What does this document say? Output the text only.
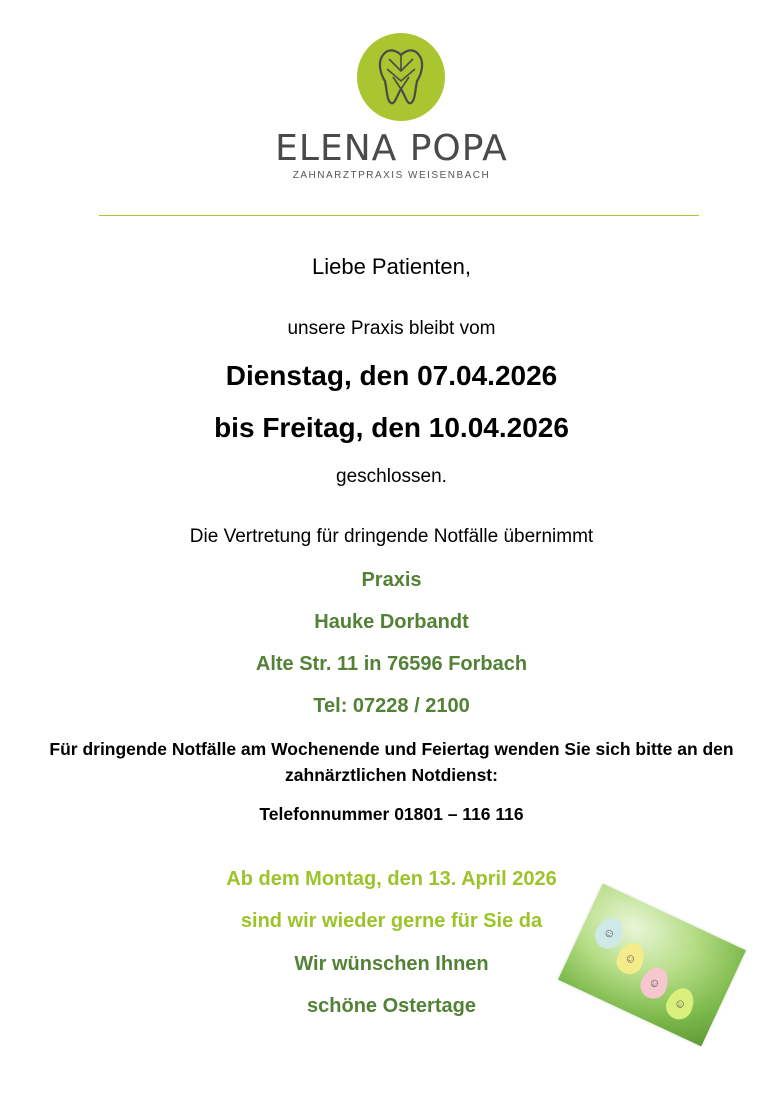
ELENA POPA
ZAHNARZTPRAXIS WEISENBACH
Liebe Patienten,
unsere Praxis bleibt vom
Dienstag, den 07.04.2026
bis Freitag, den 10.04.2026
geschlossen.
Die Vertretung für dringende Notfälle übernimmt
Praxis
Hauke Dorbandt
Alte Str. 11 in 76596 Forbach
Tel: 07228 / 2100
Für dringende Notfälle am Wochenende und Feiertag wenden Sie sich bitte an den zahnärztlichen Notdienst:
Telefonnummer 01801 – 116 116
Ab dem Montag, den 13. April 2026
sind wir wieder gerne für Sie da
Wir wünschen Ihnen
schöne Ostertage
☺
☺
☺
☺
